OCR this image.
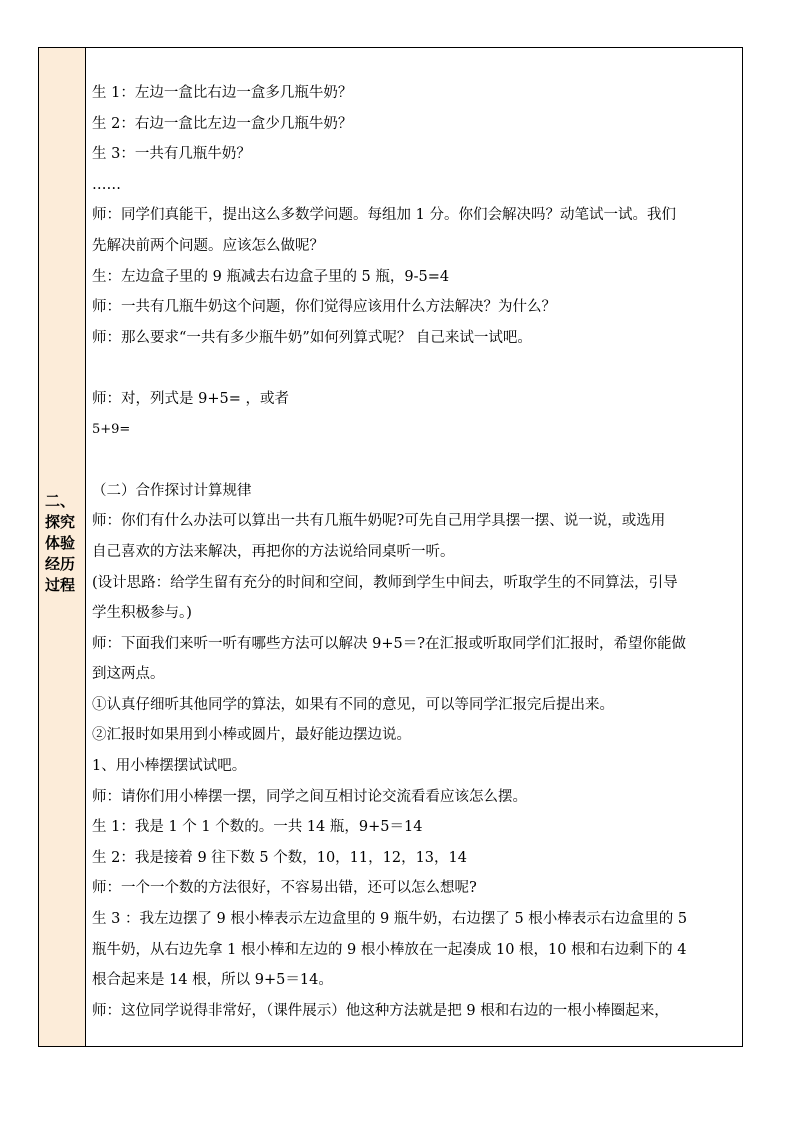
二、
探究
体验
经历
过程
生 1：左边一盒比右边一盒多几瓶牛奶？
生 2：右边一盒比左边一盒少几瓶牛奶？
生 3：一共有几瓶牛奶？
……
师：同学们真能干，提出这么多数学问题。每组加 1 分。你们会解决吗？动笔试一试。我们
先解决前两个问题。应该怎么做呢？
生：左边盒子里的 9 瓶减去右边盒子里的 5 瓶，9-5=4
师：一共有几瓶牛奶这个问题，你们觉得应该用什么方法解决？为什么？
师：那么要求“一共有多少瓶牛奶”如何列算式呢？ 自己来试一试吧。
师：对，列式是 9+5= ，或者
5+9=
（二）合作探讨计算规律
师：你们有什么办法可以算出一共有几瓶牛奶呢?可先自己用学具摆一摆、说一说，或选用
自己喜欢的方法来解决，再把你的方法说给同桌听一听。
(设计思路：给学生留有充分的时间和空间，教师到学生中间去，听取学生的不同算法，引导
学生积极参与。)
师：下面我们来听一听有哪些方法可以解决 9+5＝?在汇报或听取同学们汇报时，希望你能做
到这两点。
①认真仔细听其他同学的算法，如果有不同的意见，可以等同学汇报完后提出来。
②汇报时如果用到小棒或圆片，最好能边摆边说。
1、用小棒摆摆试试吧。
师：请你们用小棒摆一摆，同学之间互相讨论交流看看应该怎么摆。
生 1：我是 1 个 1 个数的。一共 14 瓶，9+5＝14
生 2：我是接着 9 往下数 5 个数，10，11，12，13，14
师：一个一个数的方法很好，不容易出错，还可以怎么想呢?
生 3 ：我左边摆了 9 根小棒表示左边盒里的 9 瓶牛奶，右边摆了 5 根小棒表示右边盒里的 5
瓶牛奶，从右边先拿 1 根小棒和左边的 9 根小棒放在一起凑成 10 根，10 根和右边剩下的 4
根合起来是 14 根，所以 9+5＝14。
师：这位同学说得非常好，（课件展示）他这种方法就是把 9 根和右边的一根小棒圈起来，
